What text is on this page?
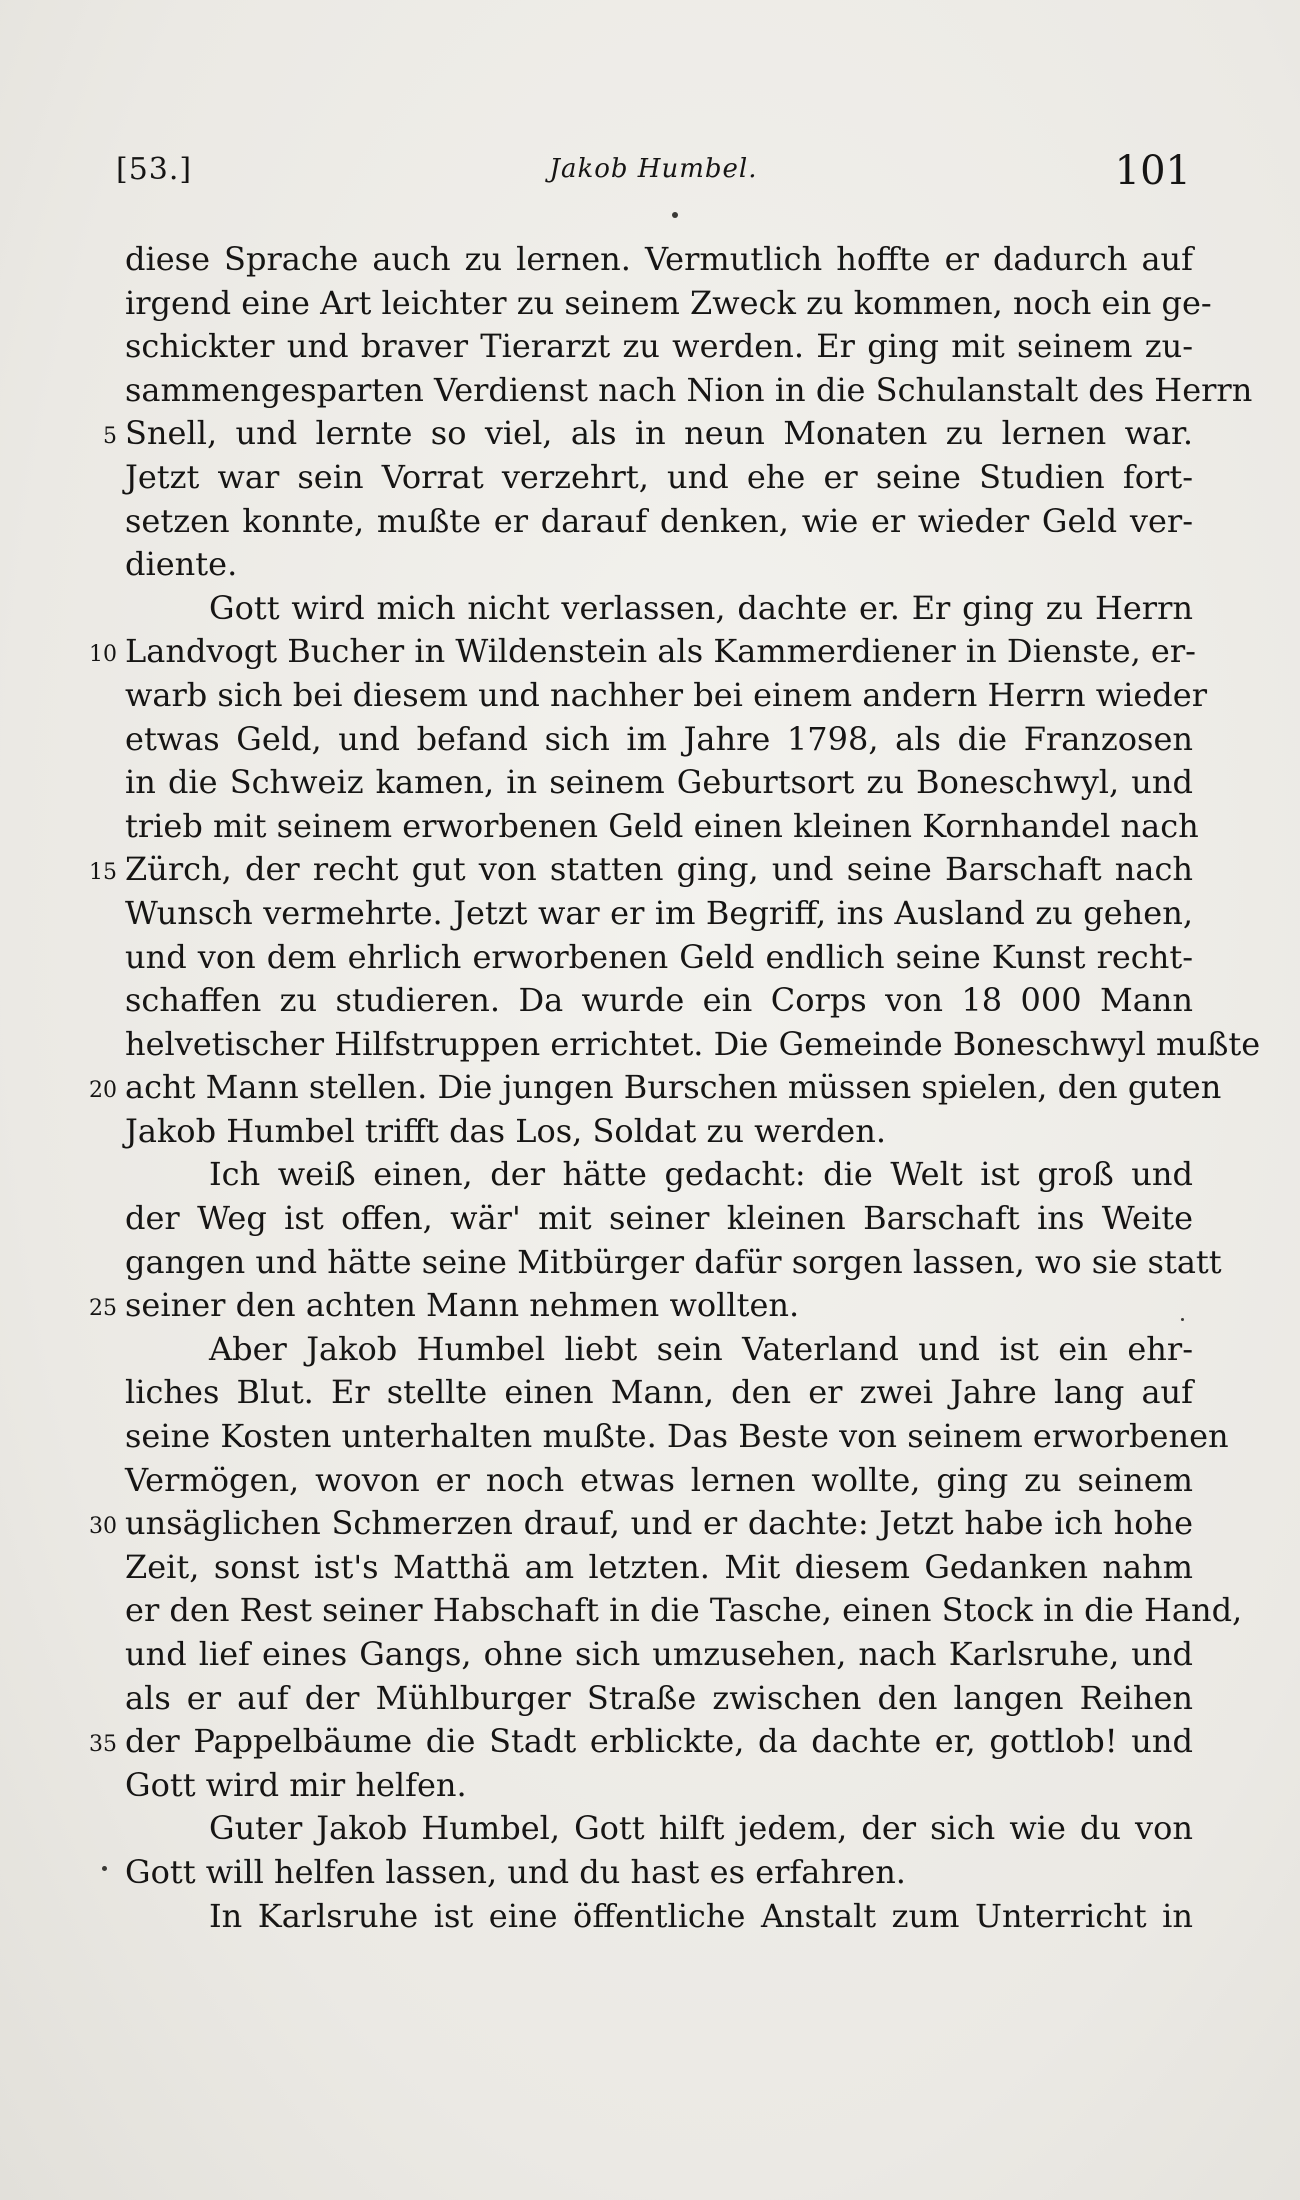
[53.]	Jakob Humbel.	101
diese Sprache auch zu lernen. Vermutlich hoffte er dadurch auf
irgend eine Art leichter zu seinem Zweck zu kommen, noch ein ge-
schickter und braver Tierarzt zu werden. Er ging mit seinem zu-
sammengesparten Verdienst nach Nion in die Schulanstalt des Herrn
5 Snell, und lernte so viel, als in neun Monaten zu lernen war.
Jetzt war sein Vorrat verzehrt, und ehe er seine Studien fort-
setzen konnte, mußte er darauf denken, wie er wieder Geld ver-
diente.
Gott wird mich nicht verlassen, dachte er. Er ging zu Herrn
10 Landvogt Bucher in Wildenstein als Kammerdiener in Dienste, er-
warb sich bei diesem und nachher bei einem andern Herrn wieder
etwas Geld, und befand sich im Jahre 1798, als die Franzosen
in die Schweiz kamen, in seinem Geburtsort zu Boneschwyl, und
trieb mit seinem erworbenen Geld einen kleinen Kornhandel nach
15 Zürch, der recht gut von statten ging, und seine Barschaft nach
Wunsch vermehrte. Jetzt war er im Begriff, ins Ausland zu gehen,
und von dem ehrlich erworbenen Geld endlich seine Kunst recht-
schaffen zu studieren. Da wurde ein Corps von 18 000 Mann
helvetischer Hilfstruppen errichtet. Die Gemeinde Boneschwyl mußte
20 acht Mann stellen. Die jungen Burschen müssen spielen, den guten
Jakob Humbel trifft das Los, Soldat zu werden.
Ich weiß einen, der hätte gedacht: die Welt ist groß und
der Weg ist offen, wär' mit seiner kleinen Barschaft ins Weite
gangen und hätte seine Mitbürger dafür sorgen lassen, wo sie statt
25 seiner den achten Mann nehmen wollten.
Aber Jakob Humbel liebt sein Vaterland und ist ein ehr-
liches Blut. Er stellte einen Mann, den er zwei Jahre lang auf
seine Kosten unterhalten mußte. Das Beste von seinem erworbenen
Vermögen, wovon er noch etwas lernen wollte, ging zu seinem
30 unsäglichen Schmerzen drauf, und er dachte: Jetzt habe ich hohe
Zeit, sonst ist's Matthä am letzten. Mit diesem Gedanken nahm
er den Rest seiner Habschaft in die Tasche, einen Stock in die Hand,
und lief eines Gangs, ohne sich umzusehen, nach Karlsruhe, und
als er auf der Mühlburger Straße zwischen den langen Reihen
35 der Pappelbäume die Stadt erblickte, da dachte er, gottlob! und
Gott wird mir helfen.
Guter Jakob Humbel, Gott hilft jedem, der sich wie du von
Gott will helfen lassen, und du hast es erfahren.
In Karlsruhe ist eine öffentliche Anstalt zum Unterricht in
